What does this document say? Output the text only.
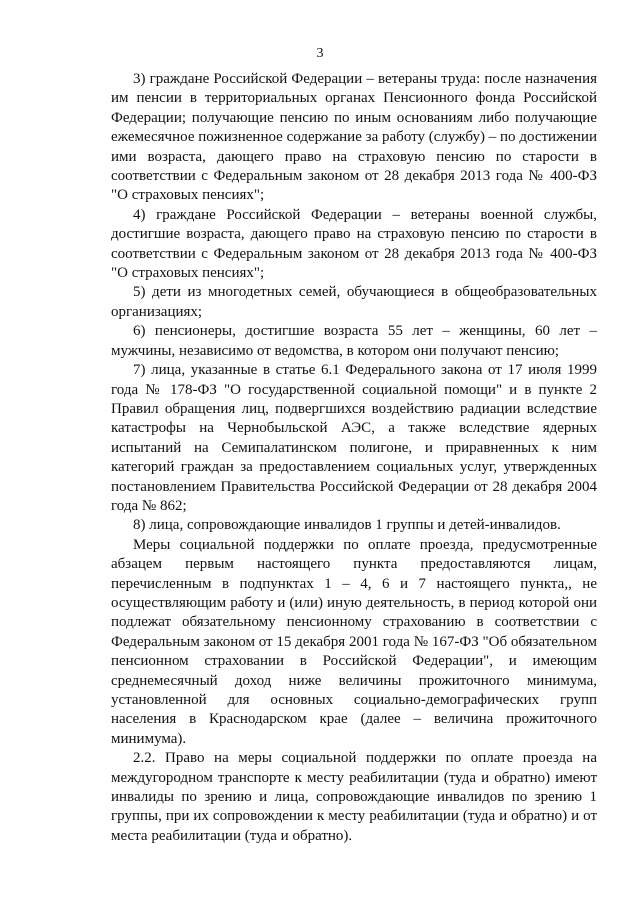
3

3) граждане Российской Федерации – ветераны труда: после назначения им пенсии в территориальных органах Пенсионного фонда Российской Федерации; получающие пенсию по иным основаниям либо получающие ежемесячное пожизненное содержание за работу (службу) – по достижении ими возраста, дающего право на страховую пенсию по старости в соответствии с Федеральным законом от 28 декабря 2013 года № 400-ФЗ "О страховых пенсиях";

4) граждане Российской Федерации – ветераны военной службы, достигшие возраста, дающего право на страховую пенсию по старости в соответствии с Федеральным законом от 28 декабря 2013 года № 400-ФЗ "О страховых пенсиях";

5) дети из многодетных семей, обучающиеся в общеобразовательных организациях;

6) пенсионеры, достигшие возраста 55 лет – женщины, 60 лет – мужчины, независимо от ведомства, в котором они получают пенсию;

7) лица, указанные в статье 6.1 Федерального закона от 17 июля 1999 года № 178-ФЗ "О государственной социальной помощи" и в пункте 2 Правил обращения лиц, подвергшихся воздействию радиации вследствие катастрофы на Чернобыльской АЭС, а также вследствие ядерных испытаний на Семипалатинском полигоне, и приравненных к ним категорий граждан за предоставлением социальных услуг, утвержденных постановлением Правительства Российской Федерации от 28 декабря 2004 года № 862;

8) лица, сопровождающие инвалидов 1 группы и детей-инвалидов.

Меры социальной поддержки по оплате проезда, предусмотренные абзацем первым настоящего пункта предоставляются лицам, перечисленным в подпунктах 1 – 4, 6 и 7 настоящего пункта,, не осуществляющим работу и (или) иную деятельность, в период которой они подлежат обязательному пенсионному страхованию в соответствии с Федеральным законом от 15 декабря 2001 года № 167-ФЗ "Об обязательном пенсионном страховании в Российской Федерации", и имеющим среднемесячный доход ниже величины прожиточного минимума, установленной для основных социально-демографических групп населения в Краснодарском крае (далее – величина прожиточного минимума).

2.2. Право на меры социальной поддержки по оплате проезда на междугородном транспорте к месту реабилитации (туда и обратно) имеют инвалиды по зрению и лица, сопровождающие инвалидов по зрению 1 группы, при их сопровождении к месту реабилитации (туда и обратно) и от места реабилитации (туда и обратно).
